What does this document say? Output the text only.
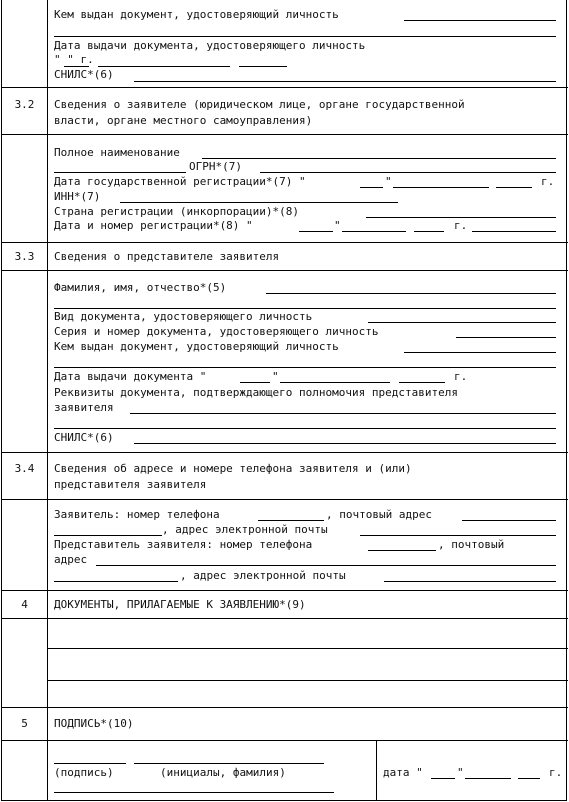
Кем выдан документ, удостоверяющий личность
Дата выдачи документа, удостоверяющего личность
" " г.
СНИЛС*(6)
3.2	Сведения о заявителе (юридическом лице, органе государственной
власти, органе местного самоуправления)
Полное наименование
ОГРН*(7)
Дата государственной регистрации*(7) "	"	г.
ИНН*(7)
Страна регистрации (инкорпорации)*(8)
Дата и номер регистрации*(8) "	"	г.
3.3	Сведения о представителе заявителя
Фамилия, имя, отчество*(5)
Вид документа, удостоверяющего личность
Серия и номер документа, удостоверяющего личность
Кем выдан документ, удостоверяющий личность
Дата выдачи документа "	"	г.
Реквизиты документа, подтверждающего полномочия представителя
заявителя
СНИЛС*(6)
3.4	Сведения об адресе и номере телефона заявителя и (или)
представителя заявителя
Заявитель: номер телефона	, почтовый адрес
, адрес электронной почты
Представитель заявителя: номер телефона	, почтовый
адрес
, адрес электронной почты
4	ДОКУМЕНТЫ, ПРИЛАГАЕМЫЕ К ЗАЯВЛЕНИЮ*(9)
5	ПОДПИСЬ*(10)
(подпись)	(инициалы, фамилия)	дата "	"	г.
